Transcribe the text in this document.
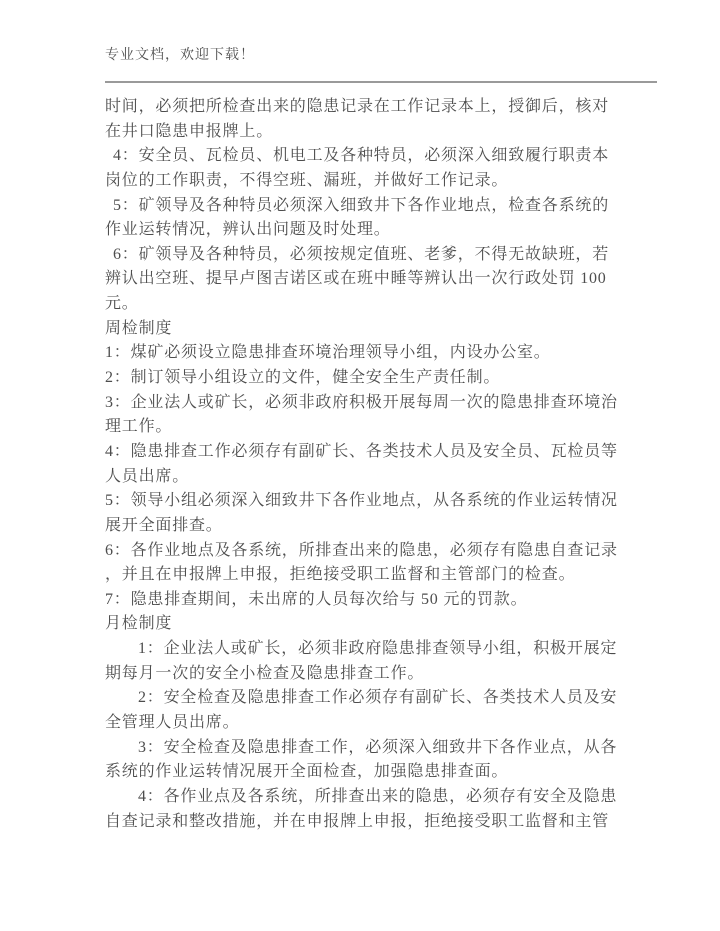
专业文档，欢迎下载！
时间，必须把所检查出来的隐患记录在工作记录本上，授御后，核对
在井口隐患申报牌上。
4：安全员、瓦检员、机电工及各种特员，必须深入细致履行职责本
岗位的工作职责，不得空班、漏班，并做好工作记录。
5：矿领导及各种特员必须深入细致井下各作业地点，检查各系统的
作业运转情况，辨认出问题及时处理。
6：矿领导及各种特员，必须按规定值班、老爹，不得无故缺班，若
辨认出空班、提早卢图吉诺区或在班中睡等辨认出一次行政处罚 100
元。
周检制度
1：煤矿必须设立隐患排查环境治理领导小组，内设办公室。
2：制订领导小组设立的文件，健全安全生产责任制。
3：企业法人或矿长，必须非政府积极开展每周一次的隐患排查环境治
理工作。
4：隐患排查工作必须存有副矿长、各类技术人员及安全员、瓦检员等
人员出席。
5：领导小组必须深入细致井下各作业地点，从各系统的作业运转情况
展开全面排查。
6：各作业地点及各系统，所排查出来的隐患，必须存有隐患自查记录
，并且在申报牌上申报，拒绝接受职工监督和主管部门的检查。
7：隐患排查期间，未出席的人员每次给与 50 元的罚款。
月检制度
1：企业法人或矿长，必须非政府隐患排查领导小组，积极开展定
期每月一次的安全小检查及隐患排查工作。
2：安全检查及隐患排查工作必须存有副矿长、各类技术人员及安
全管理人员出席。
3：安全检查及隐患排查工作，必须深入细致井下各作业点，从各
系统的作业运转情况展开全面检查，加强隐患排查面。
4：各作业点及各系统，所排查出来的隐患，必须存有安全及隐患
自查记录和整改措施，并在申报牌上申报，拒绝接受职工监督和主管
